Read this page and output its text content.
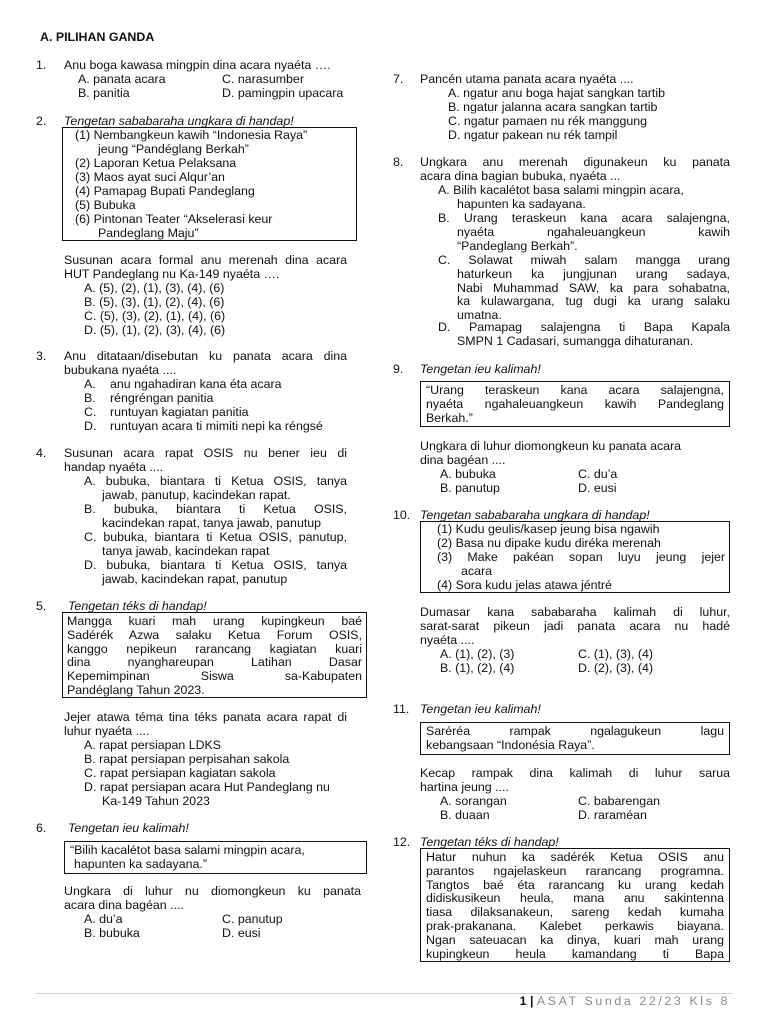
A. PILIHAN GANDA
1. Anu boga kawasa mingpin dina acara nyaéta ….
A. panata acara	C. narasumber
B. panitia	D. pamingpin upacara
2. Tengetan sababaraha ungkara di handap!
(1) Nembangkeun kawih “Indonesia Raya”
jeung “Pandéglang Berkah”
(2) Laporan Ketua Pelaksana
(3) Maos ayat suci Alqur’an
(4) Pamapag Bupati Pandeglang
(5) Bubuka
(6) Pintonan Teater “Akselerasi keur
Pandeglang Maju”
Susunan acara formal anu merenah dina acara
HUT Pandeglang nu Ka-149 nyaéta ….
A. (5), (2), (1), (3), (4), (6)
B. (5), (3), (1), (2), (4), (6)
C. (5), (3), (2), (1), (4), (6)
D. (5), (1), (2), (3), (4), (6)
3. Anu ditataan/disebutan ku panata acara dina
bubukana nyaéta ....
A. anu ngahadiran kana éta acara
B. réngréngan panitia
C. runtuyan kagiatan panitia
D. runtuyan acara ti mimiti nepi ka réngsé
4. Susunan acara rapat OSIS nu bener ieu di
handap nyaéta ....
A. bubuka, biantara ti Ketua OSIS, tanya
jawab, panutup, kacindekan rapat.
B. bubuka, biantara ti Ketua OSIS,
kacindekan rapat, tanya jawab, panutup
C. bubuka, biantara ti Ketua OSIS, panutup,
tanya jawab, kacindekan rapat
D. bubuka, biantara ti Ketua OSIS, tanya
jawab, kacindekan rapat, panutup
5. Tengetan téks di handap!
Mangga kuari mah urang kupingkeun baé
Sadérék Azwa salaku Ketua Forum OSIS,
kanggo nepikeun rarancang kagiatan kuari
dina nyanghareupan Latihan Dasar
Kepemimpinan Siswa sa-Kabupaten
Pandéglang Tahun 2023.
Jejer atawa téma tina téks panata acara rapat di
luhur nyaéta ....
A. rapat persiapan LDKS
B. rapat persiapan perpisahan sakola
C. rapat persiapan kagiatan sakola
D. rapat persiapan acara Hut Pandeglang nu
Ka-149 Tahun 2023
6. Tengetan ieu kalimah!
“Bilih kacalétot basa salami mingpin acara,
hapunten ka sadayana.”
Ungkara di luhur nu diomongkeun ku panata
acara dina bagéan ....
A. du’a	C. panutup
B. bubuka	D. eusi
7. Pancén utama panata acara nyaéta ....
A. ngatur anu boga hajat sangkan tartib
B. ngatur jalanna acara sangkan tartib
C. ngatur pamaen nu rék manggung
D. ngatur pakean nu rék tampil
8. Ungkara anu merenah digunakeun ku panata
acara dina bagian bubuka, nyaéta ...
A. Bilih kacalétot basa salami mingpin acara,
hapunten ka sadayana.
B. Urang teraskeun kana acara salajengna,
nyaéta ngahaleuangkeun kawih
“Pandeglang Berkah”.
C. Solawat miwah salam mangga urang
haturkeun ka jungjunan urang sadaya,
Nabi Muhammad SAW, ka para sohabatna,
ka kulawargana, tug dugi ka urang salaku
umatna.
D. Pamapag salajengna ti Bapa Kapala
SMPN 1 Cadasari, sumangga dihaturanan.
9. Tengetan ieu kalimah!
“Urang teraskeun kana acara salajengna,
nyaéta ngahaleuangkeun kawih Pandeglang
Berkah.”
Ungkara di luhur diomongkeun ku panata acara
dina bagéan ....
A. bubuka	C. du’a
B. panutup	D. eusi
10. Tengetan sababaraha ungkara di handap!
(1) Kudu geulis/kasep jeung bisa ngawih
(2) Basa nu dipake kudu diréka merenah
(3) Make pakéan sopan luyu jeung jejer
acara
(4) Sora kudu jelas atawa jéntré
Dumasar kana sababaraha kalimah di luhur,
sarat-sarat pikeun jadi panata acara nu hadé
nyaéta ....
A. (1), (2), (3)	C. (1), (3), (4)
B. (1), (2), (4)	D. (2), (3), (4)
11. Tengetan ieu kalimah!
Saréréa rampak ngalagukeun lagu
kebangsaan “Indonésia Raya”.
Kecap rampak dina kalimah di luhur sarua
hartina jeung ....
A. sorangan	C. babarengan
B. duaan	D. raraméan
12. Tengetan téks di handap!
Hatur nuhun ka sadérék Ketua OSIS anu
parantos ngajelaskeun rarancang programna.
Tangtos baé éta rarancang ku urang kedah
didiskusikeun heula, mana anu sakintenna
tiasa dilaksanakeun, sareng kedah kumaha
prak-prakanana. Kalebet perkawis biayana.
Ngan sateuacan ka dinya, kuari mah urang
kupingkeun heula kamandang ti Bapa
1 | ASAT Sunda 22/23 Kls 8
